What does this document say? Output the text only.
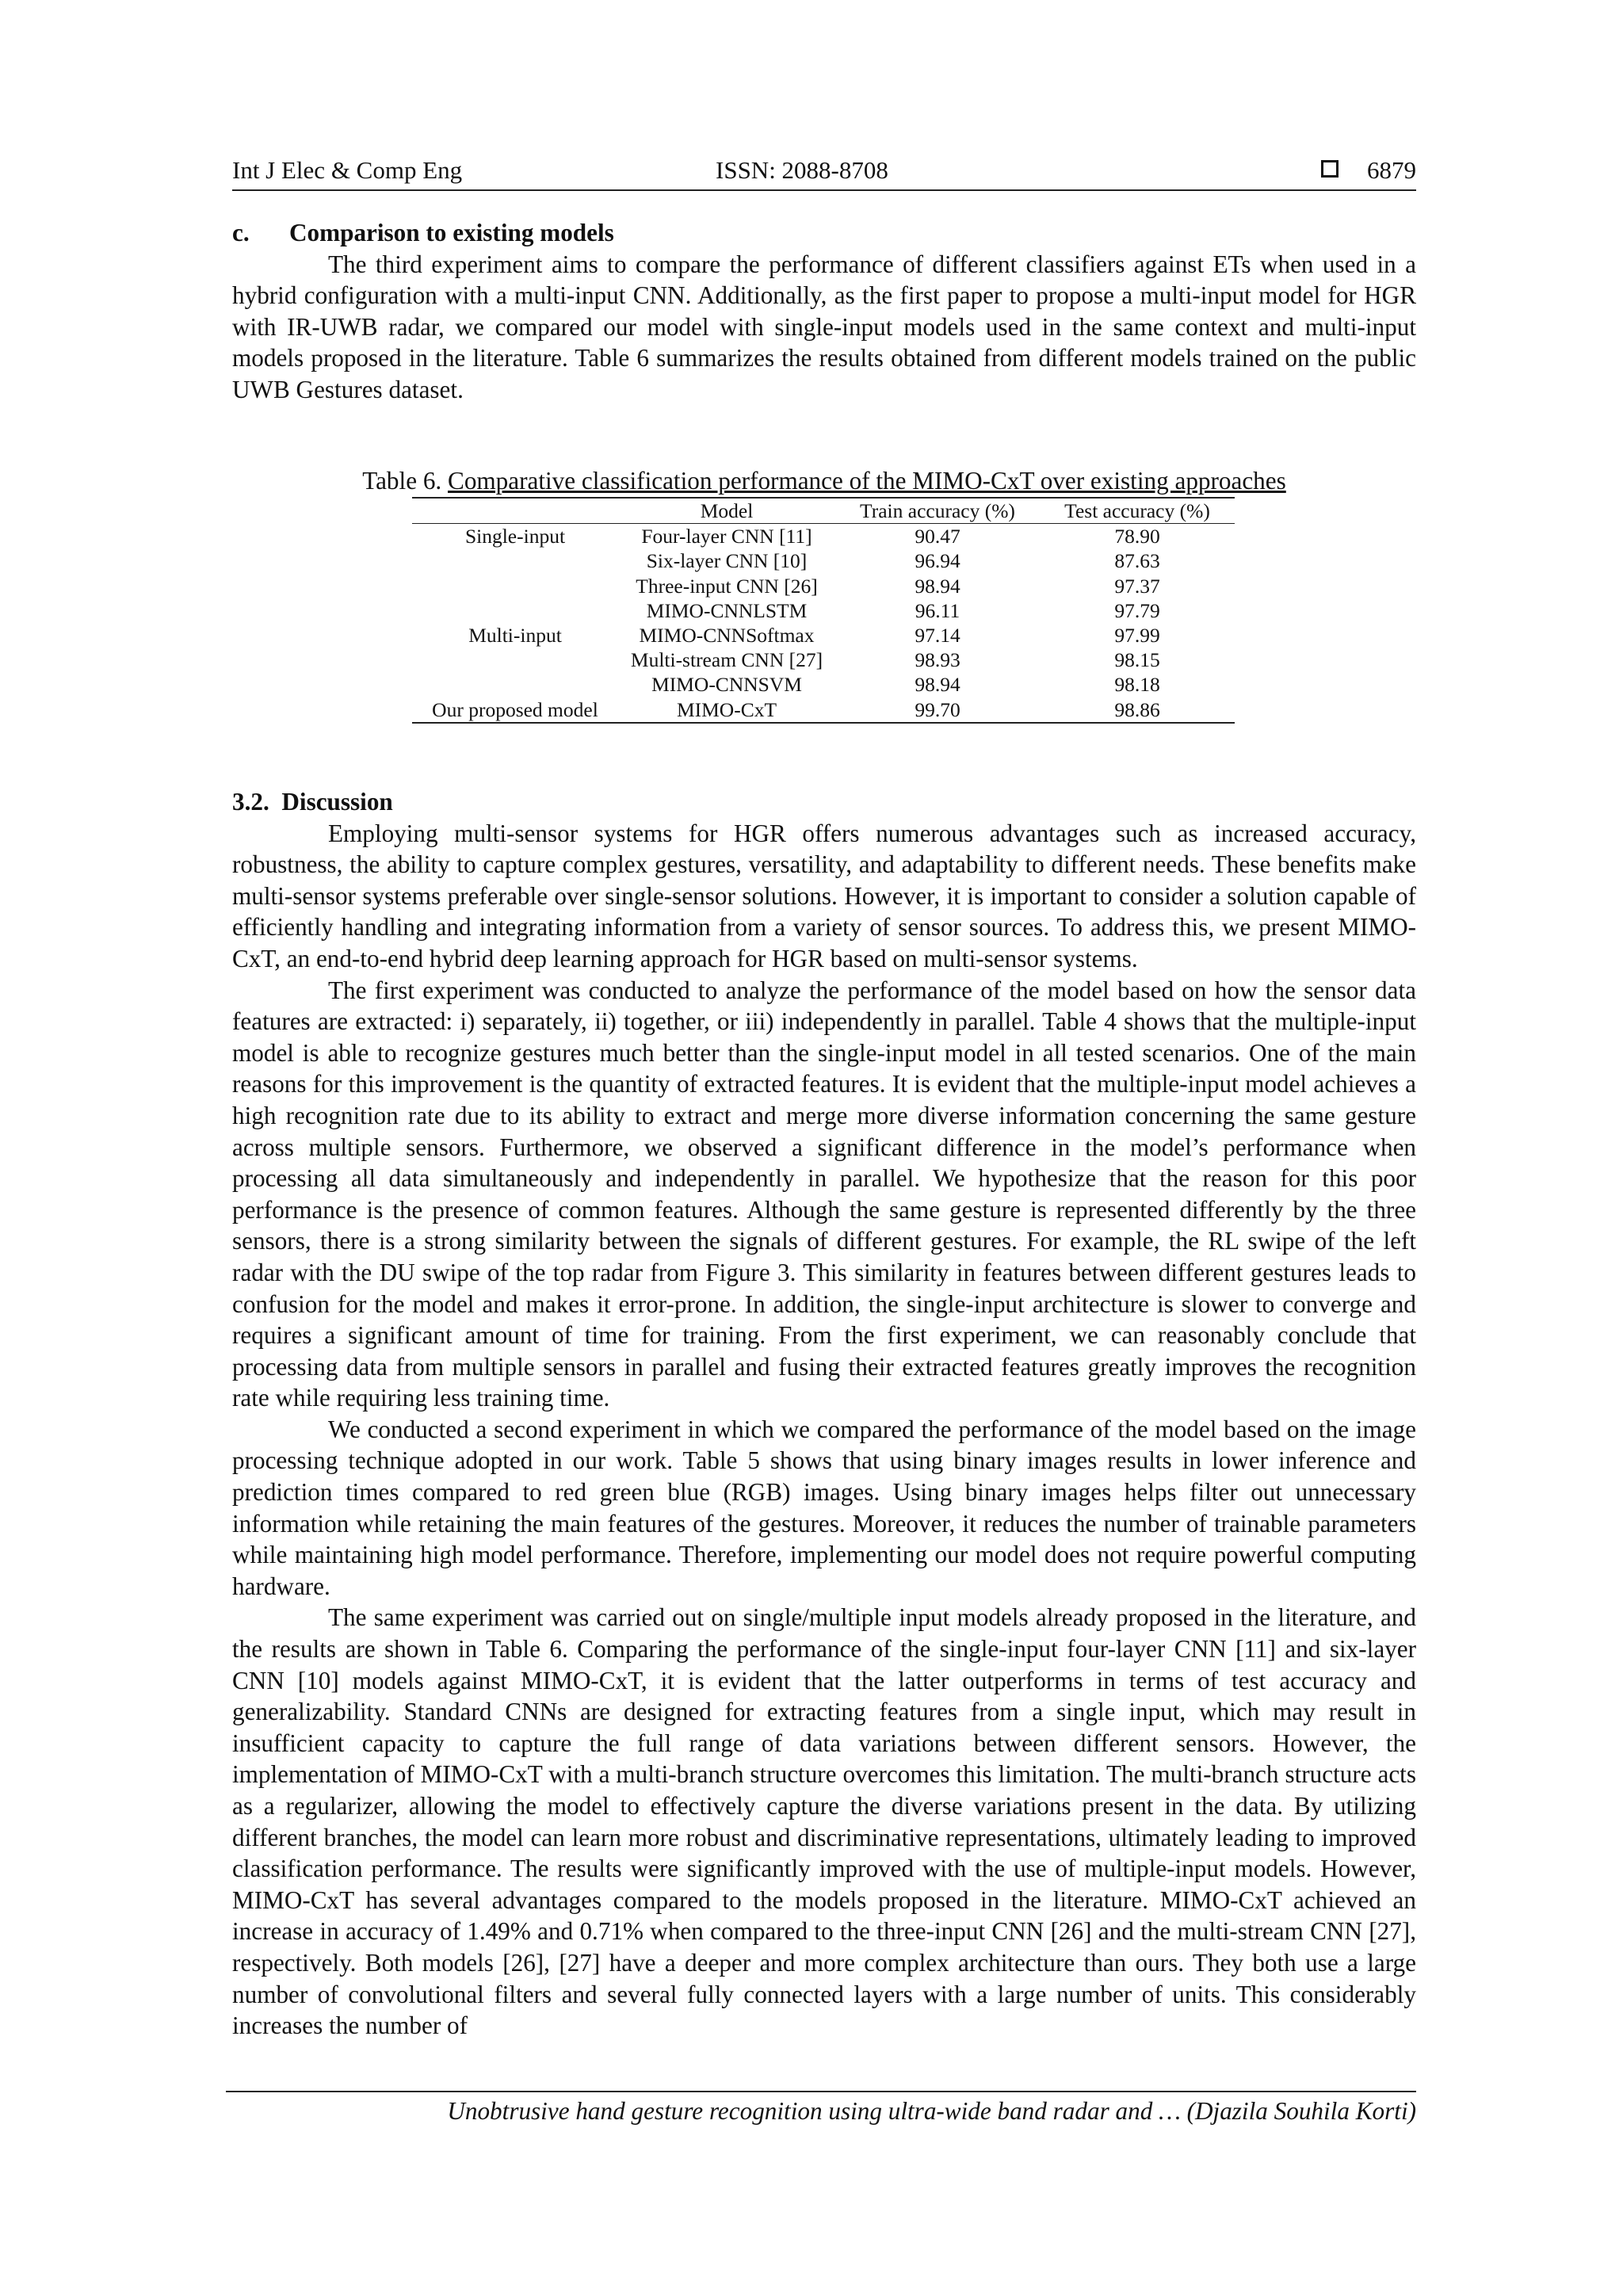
Int J Elec & Comp Eng	ISSN: 2088-8708	6879
c.	Comparison to existing models

The third experiment aims to compare the performance of different classifiers against ETs when used in a hybrid configuration with a multi-input CNN. Additionally, as the first paper to propose a multi-input model for HGR with IR-UWB radar, we compared our model with single-input models used in the same context and multi-input models proposed in the literature. Table 6 summarizes the results obtained from different models trained on the public UWB Gestures dataset.

Table 6. Comparative classification performance of the MIMO-CxT over existing approaches
	Model	Train accuracy (%)	Test accuracy (%)
Single-input	Four-layer CNN [11]	90.47	78.90
	Six-layer CNN [10]	96.94	87.63
	Three-input CNN [26]	98.94	97.37
	MIMO-CNNLSTM	96.11	97.79
Multi-input	MIMO-CNNSoftmax	97.14	97.99
	Multi-stream CNN [27]	98.93	98.15
	MIMO-CNNSVM	98.94	98.18
Our proposed model	MIMO-CxT	99.70	98.86
3.2.  Discussion

Employing multi-sensor systems for HGR offers numerous advantages such as increased accuracy, robustness, the ability to capture complex gestures, versatility, and adaptability to different needs. These benefits make multi-sensor systems preferable over single-sensor solutions. However, it is important to consider a solution capable of efficiently handling and integrating information from a variety of sensor sources. To address this, we present MIMO-CxT, an end-to-end hybrid deep learning approach for HGR based on multi-sensor systems.

The first experiment was conducted to analyze the performance of the model based on how the sensor data features are extracted: i) separately, ii) together, or iii) independently in parallel. Table 4 shows that the multiple-input model is able to recognize gestures much better than the single-input model in all tested scenarios. One of the main reasons for this improvement is the quantity of extracted features. It is evident that the multiple-input model achieves a high recognition rate due to its ability to extract and merge more diverse information concerning the same gesture across multiple sensors. Furthermore, we observed a significant difference in the model’s performance when processing all data simultaneously and independently in parallel. We hypothesize that the reason for this poor performance is the presence of common features. Although the same gesture is represented differently by the three sensors, there is a strong similarity between the signals of different gestures. For example, the RL swipe of the left radar with the DU swipe of the top radar from Figure 3. This similarity in features between different gestures leads to confusion for the model and makes it error-prone. In addition, the single-input architecture is slower to converge and requires a significant amount of time for training. From the first experiment, we can reasonably conclude that processing data from multiple sensors in parallel and fusing their extracted features greatly improves the recognition rate while requiring less training time.

We conducted a second experiment in which we compared the performance of the model based on the image processing technique adopted in our work. Table 5 shows that using binary images results in lower inference and prediction times compared to red green blue (RGB) images. Using binary images helps filter out unnecessary information while retaining the main features of the gestures. Moreover, it reduces the number of trainable parameters while maintaining high model performance. Therefore, implementing our model does not require powerful computing hardware.

The same experiment was carried out on single/multiple input models already proposed in the literature, and the results are shown in Table 6. Comparing the performance of the single-input four-layer CNN [11] and six-layer CNN [10] models against MIMO-CxT, it is evident that the latter outperforms in terms of test accuracy and generalizability. Standard CNNs are designed for extracting features from a single input, which may result in insufficient capacity to capture the full range of data variations between different sensors. However, the implementation of MIMO-CxT with a multi-branch structure overcomes this limitation. The multi-branch structure acts as a regularizer, allowing the model to effectively capture the diverse variations present in the data. By utilizing different branches, the model can learn more robust and discriminative representations, ultimately leading to improved classification performance. The results were significantly improved with the use of multiple-input models. However, MIMO-CxT has several advantages compared to the models proposed in the literature. MIMO-CxT achieved an increase in accuracy of 1.49% and 0.71% when compared to the three-input CNN [26] and the multi-stream CNN [27], respectively. Both models [26], [27] have a deeper and more complex architecture than ours. They both use a large number of convolutional filters and several fully connected layers with a large number of units. This considerably increases the number of

Unobtrusive hand gesture recognition using ultra-wide band radar and … (Djazila Souhila Korti)
